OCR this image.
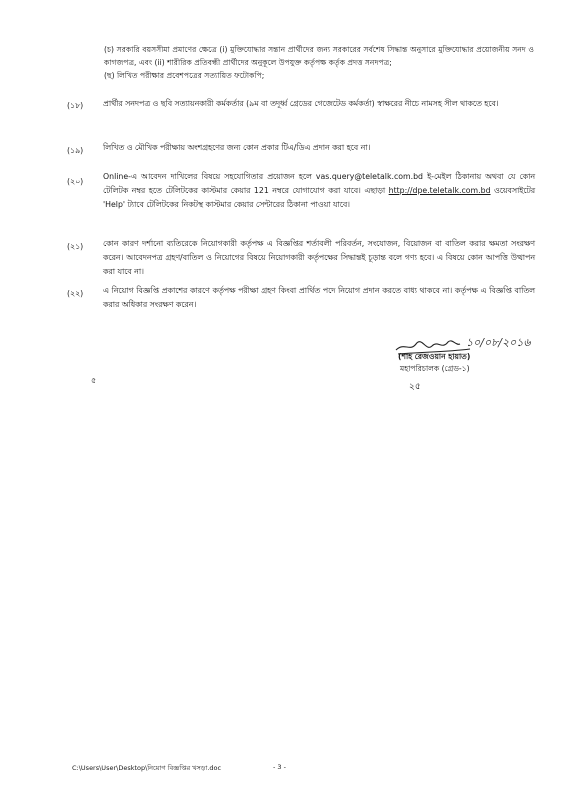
(চ) সরকারি বয়সসীমা প্রমাণের ক্ষেত্রে (i) মুক্তিযোদ্ধার সন্তান প্রার্থীদের জন্য সরকারের সর্বশেষ সিদ্ধান্ত অনুসারে মুক্তিযোদ্ধার প্রয়োজনীয় সনদ ও কাগজপত্র, এবং (ii) শারীরিক প্রতিবন্ধী প্রার্থীদের অনুকূলে উপযুক্ত কর্তৃপক্ষ কর্তৃক প্রদত্ত সনদপত্র;
(ছ) লিখিত পরীক্ষার প্রবেশপত্রের সত্যায়িত ফটোকপি;
(১৮)	প্রার্থীর সনদপত্র ও ছবি সত্যায়নকারী কর্মকর্তার (৯ম বা তদূর্ধ্ব গ্রেডের গেজেটেড কর্মকর্তা) স্বাক্ষরের নীচে নামসহ সীল থাকতে হবে।
(১৯)	লিখিত ও মৌখিক পরীক্ষায় অংশগ্রহণের জন্য কোন প্রকার টিএ/ডিএ প্রদান করা হবে না।
(২০)
Online-এ আবেদন দাখিলের বিষয়ে সহযোগিতার প্রয়োজন হলে vas.query@teletalk.com.bd ই-মেইল ঠিকানায় অথবা যে কোন টেলিটক নম্বর হতে টেলিটকের কাস্টমার কেয়ার 121 নম্বরে যোগাযোগ করা যাবে। এছাড়া http://dpe.teletalk.com.bd ওয়েবসাইটের 'Help' ট্যাবে টেলিটকের নিকটস্থ কাস্টমার কেয়ার সেন্টারের ঠিকানা পাওয়া যাবে।
(২১)	কোন কারণ দর্শানো ব্যতিরেকে নিয়োগকারী কর্তৃপক্ষ এ বিজ্ঞপ্তির শর্তাবলী পরিবর্তন, সংযোজন, বিয়োজন বা বাতিল করার ক্ষমতা সংরক্ষণ করেন। আবেদনপত্র গ্রহণ/বাতিল ও নিয়োগের বিষয়ে নিয়োগকারী কর্তৃপক্ষের সিদ্ধান্তই চূড়ান্ত বলে গণ্য হবে। এ বিষয়ে কোন আপত্তি উত্থাপন করা যাবে না।
(২২)	এ নিয়োগ বিজ্ঞপ্তি প্রকাশের কারণে কর্তৃপক্ষ পরীক্ষা গ্রহণ কিংবা প্রার্থিত পদে নিয়োগ প্রদান করতে বাধ্য থাকবে না। কর্তৃপক্ষ এ বিজ্ঞপ্তি বাতিল করার অধিকার সংরক্ষণ করেন।
১০/০৮/২০১৬
(শাহ রেজওয়ান হায়াত)
মহাপরিচালক (গ্রেড-১)
২৫
৫
C:\Users\User\Desktop\নিয়োগ বিজ্ঞপ্তির খসড়া.doc	- 3 -
